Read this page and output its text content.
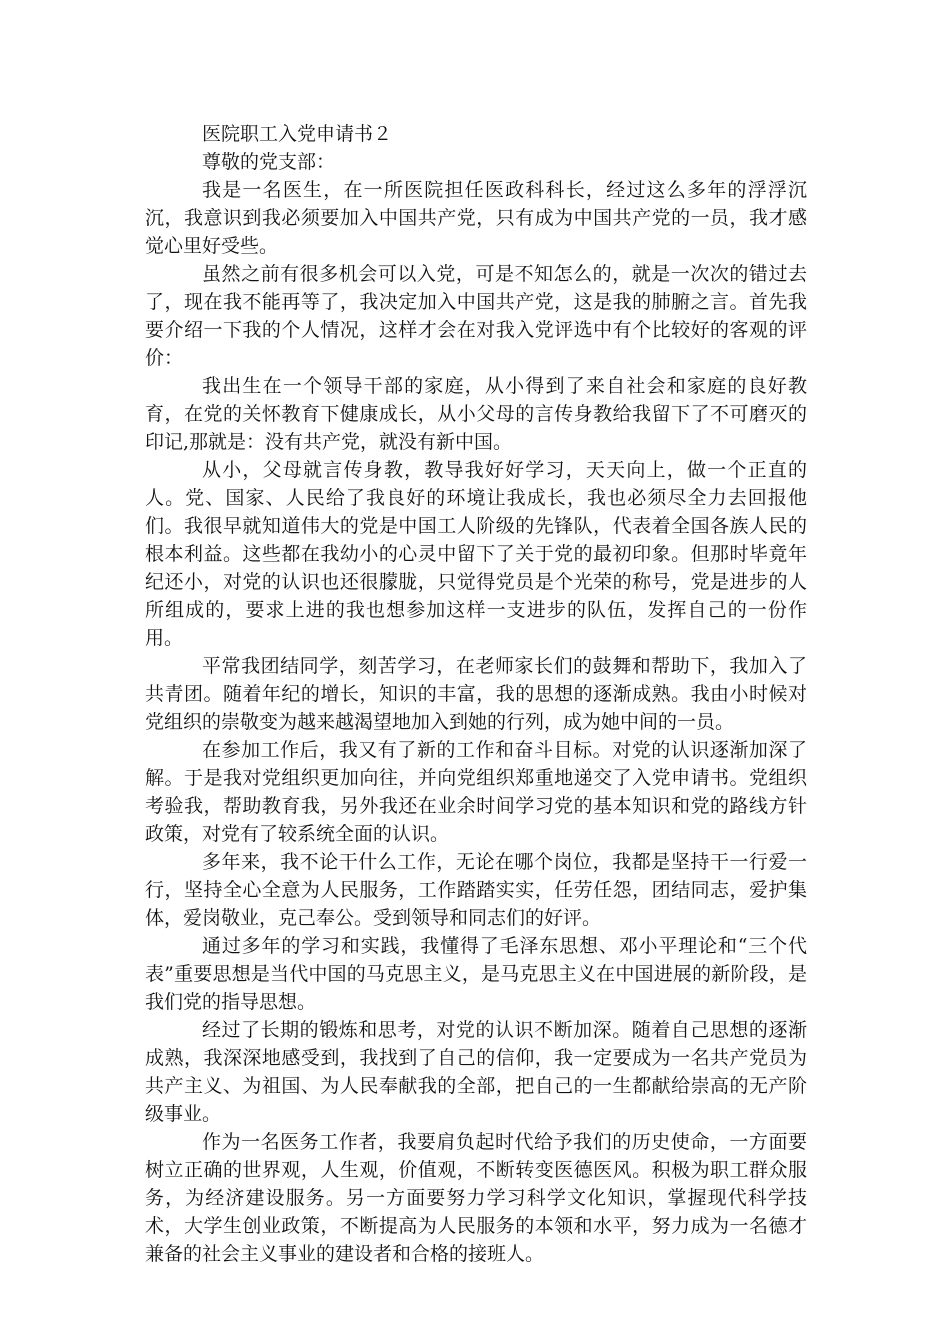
医院职工入党申请书２

尊敬的党支部：

我是一名医生，在一所医院担任医政科科长，经过这么多年的浮浮沉沉，我意识到我必须要加入中国共产党，只有成为中国共产党的一员，我才感觉心里好受些。

虽然之前有很多机会可以入党，可是不知怎么的，就是一次次的错过去了，现在我不能再等了，我决定加入中国共产党，这是我的肺腑之言。首先我要介绍一下我的个人情况，这样才会在对我入党评选中有个比较好的客观的评价：

我出生在一个领导干部的家庭，从小得到了来自社会和家庭的良好教育，在党的关怀教育下健康成长，从小父母的言传身教给我留下了不可磨灭的印记,那就是：没有共产党，就没有新中国。

从小，父母就言传身教，教导我好好学习，天天向上，做一个正直的人。党、国家、人民给了我良好的环境让我成长，我也必须尽全力去回报他们。我很早就知道伟大的党是中国工人阶级的先锋队，代表着全国各族人民的根本利益。这些都在我幼小的心灵中留下了关于党的最初印象。但那时毕竟年纪还小，对党的认识也还很朦胧，只觉得党员是个光荣的称号，党是进步的人所组成的，要求上进的我也想参加这样一支进步的队伍，发挥自己的一份作用。

平常我团结同学，刻苦学习，在老师家长们的鼓舞和帮助下，我加入了共青团。随着年纪的增长，知识的丰富，我的思想的逐渐成熟。我由小时候对党组织的崇敬变为越来越渴望地加入到她的行列，成为她中间的一员。

在参加工作后，我又有了新的工作和奋斗目标。对党的认识逐渐加深了解。于是我对党组织更加向往，并向党组织郑重地递交了入党申请书。党组织考验我，帮助教育我，另外我还在业余时间学习党的基本知识和党的路线方针政策，对党有了较系统全面的认识。

多年来，我不论干什么工作，无论在哪个岗位，我都是坚持干一行爱一行，坚持全心全意为人民服务，工作踏踏实实，任劳任怨，团结同志，爱护集体，爱岗敬业，克己奉公。受到领导和同志们的好评。

通过多年的学习和实践，我懂得了毛泽东思想、邓小平理论和“三个代表”重要思想是当代中国的马克思主义，是马克思主义在中国进展的新阶段，是我们党的指导思想。

经过了长期的锻炼和思考，对党的认识不断加深。随着自己思想的逐渐成熟，我深深地感受到，我找到了自己的信仰，我一定要成为一名共产党员为共产主义、为祖国、为人民奉献我的全部，把自己的一生都献给崇高的无产阶级事业。

作为一名医务工作者，我要肩负起时代给予我们的历史使命，一方面要树立正确的世界观，人生观，价值观，不断转变医德医风。积极为职工群众服务，为经济建设服务。另一方面要努力学习科学文化知识，掌握现代科学技术，大学生创业政策，不断提高为人民服务的本领和水平，努力成为一名德才兼备的社会主义事业的建设者和合格的接班人。
